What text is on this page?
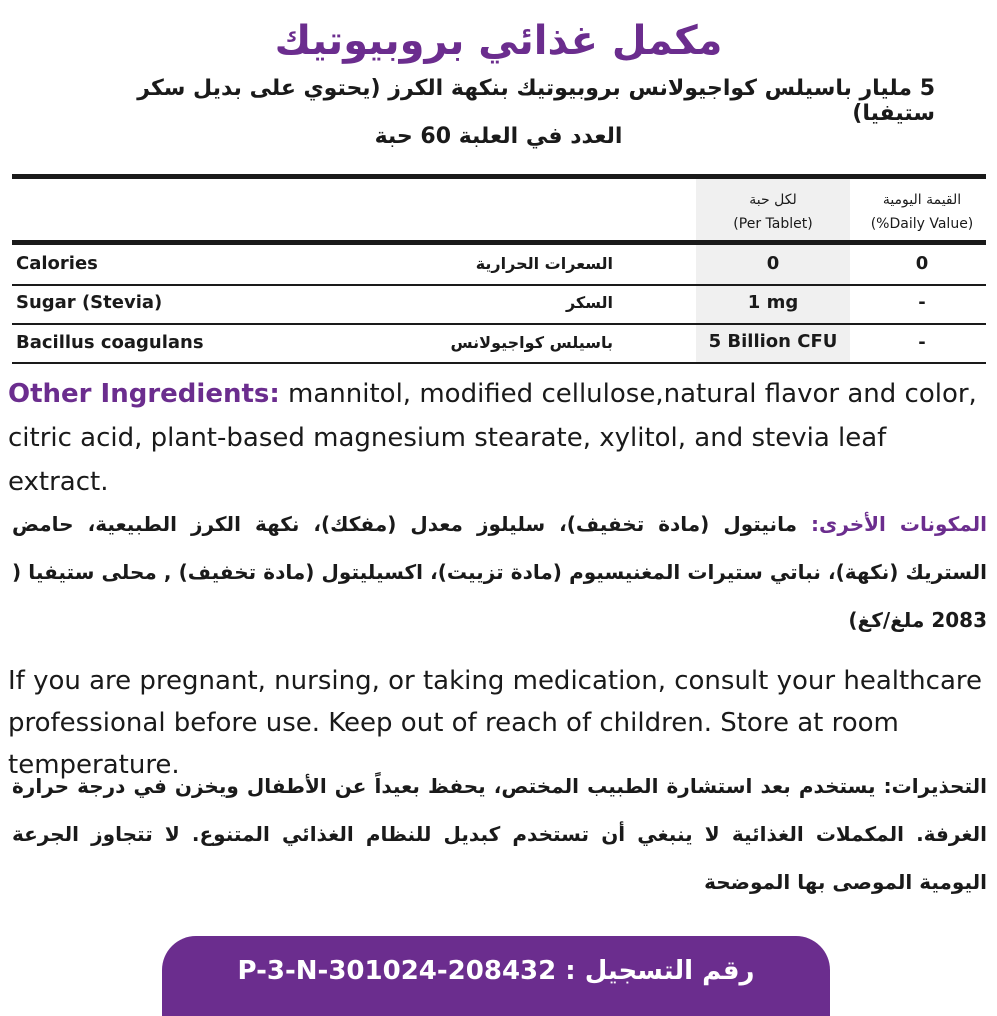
مكمل غذائي بروبيوتيك
5 مليار باسيلس كواجيولانس بروبيوتيك بنكهة الكرز (يحتوي على بديل سكر ستيفيا)
العدد في العلبة 60 حبة
لكل حبة
(Per Tablet)
القيمة اليومية
(%Daily Value)
Calories	السعرات الحرارية	0	0
Sugar (Stevia)	السكر	1 mg	-
Bacillus coagulans	باسيلس كواجيولانس	5 Billion CFU	-
Other Ingredients: mannitol, modified cellulose,natural flavor and color, citric acid, plant-based magnesium stearate, xylitol, and stevia leaf extract.
المكونات الأخرى: مانيتول (مادة تخفيف)، سليلوز معدل (مفكك)، نكهة الكرز الطبيعية، حامض الستريك (نكهة)، نباتي ستيرات المغنيسيوم (مادة تزييت)، اكسيليتول (مادة تخفيف) , محلى ستيفيا ( 2083 ملغ/كغ)
If you are pregnant, nursing, or taking medication, consult your healthcare professional before use. Keep out of reach of children. Store at room temperature.
التحذيرات: يستخدم بعد استشارة الطبيب المختص، يحفظ بعيداً عن الأطفال ويخزن في درجة حرارة الغرفة. المكملات الغذائية لا ينبغي أن تستخدم كبديل للنظام الغذائي المتنوع. لا تتجاوز الجرعة اليومية الموصى بها الموضحة
رقم التسجيل : P-3-N-301024-208432
